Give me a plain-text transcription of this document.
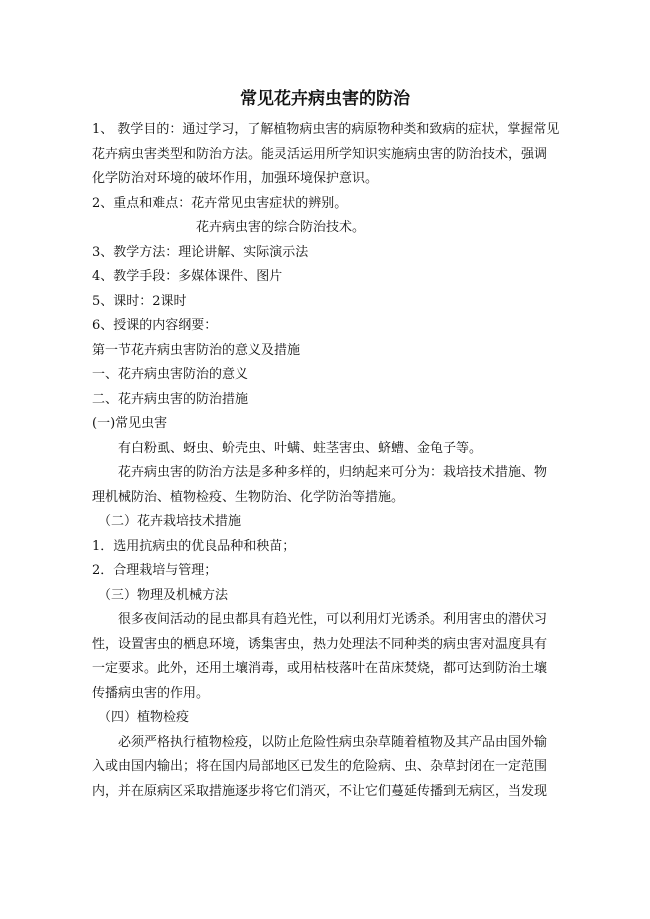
常见花卉病虫害的防治

1、 教学目的：通过学习，了解植物病虫害的病原物种类和致病的症状，掌握常见

花卉病虫害类型和防治方法。能灵活运用所学知识实施病虫害的防治技术，强调

化学防治对环境的破坏作用，加强环境保护意识。

2、重点和难点：花卉常见虫害症状的辨别。

花卉病虫害的综合防治技术。

3、教学方法：理论讲解、实际演示法

4、教学手段：多媒体课件、图片

5、课时：2课时

6、授课的内容纲要：

第一节花卉病虫害防治的意义及措施

一、花卉病虫害防治的意义

二、花卉病虫害的防治措施

(一)常见虫害

有白粉虱、蚜虫、蚧壳虫、叶螨、蛀茎害虫、蛴螬、金龟子等。

花卉病虫害的防治方法是多种多样的，归纳起来可分为：栽培技术措施、物

理机械防治、植物检疫、生物防治、化学防治等措施。

（二）花卉栽培技术措施

1．选用抗病虫的优良品种和秧苗；

2．合理栽培与管理；

（三）物理及机械方法

很多夜间活动的昆虫都具有趋光性，可以利用灯光诱杀。利用害虫的潜伏习

性，设置害虫的栖息环境，诱集害虫，热力处理法不同种类的病虫害对温度具有

一定要求。此外，还用土壤消毒，或用枯枝落叶在苗床焚烧，都可达到防治土壤

传播病虫害的作用。

（四）植物检疫

必须严格执行植物检疫，以防止危险性病虫杂草随着植物及其产品由国外输

入或由国内输出；将在国内局部地区已发生的危险病、虫、杂草封闭在一定范围

内，并在原病区采取措施逐步将它们消灭，不让它们蔓延传播到无病区，当发现
